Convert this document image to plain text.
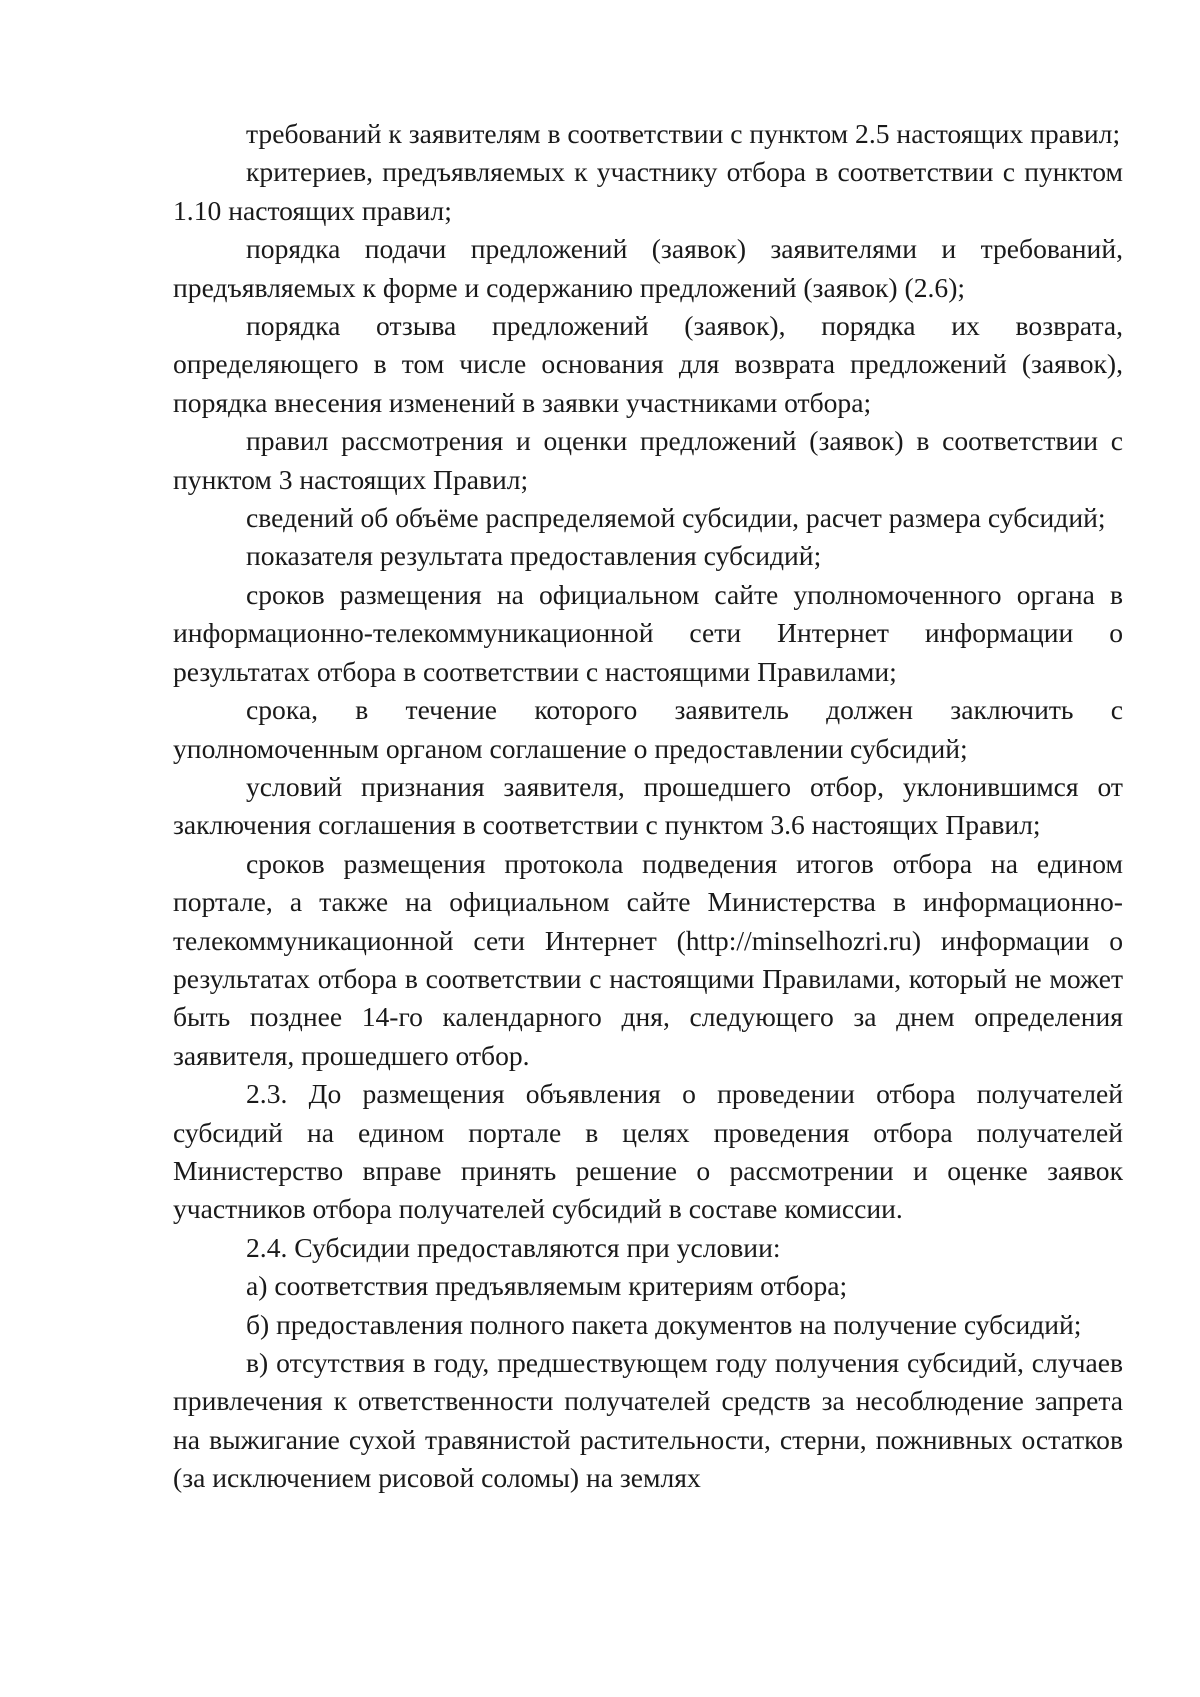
требований к заявителям в соответствии с пунктом 2.5 настоящих правил;

критериев, предъявляемых к участнику отбора в соответствии с пунктом 1.10 настоящих правил;

порядка подачи предложений (заявок) заявителями и требований, предъявляемых к форме и содержанию предложений (заявок) (2.6);

порядка отзыва предложений (заявок), порядка их возврата, определяющего в том числе основания для возврата предложений (заявок), порядка внесения изменений в заявки участниками отбора;

правил рассмотрения и оценки предложений (заявок) в соответствии с пунктом 3 настоящих Правил;

сведений об объёме распределяемой субсидии, расчет размера субсидий;

показателя результата предоставления субсидий;

сроков размещения на официальном сайте уполномоченного органа в информационно-телекоммуникационной сети Интернет информации о результатах отбора в соответствии с настоящими Правилами;

срока, в течение которого заявитель должен заключить с уполномоченным органом соглашение о предоставлении субсидий;

условий признания заявителя, прошедшего отбор, уклонившимся от заключения соглашения в соответствии с пунктом 3.6 настоящих Правил;

сроков размещения протокола подведения итогов отбора на едином портале, а также на официальном сайте Министерства в информационно-телекоммуникационной сети Интернет (http://minselhozri.ru) информации о результатах отбора в соответствии с настоящими Правилами, который не может быть позднее 14-го календарного дня, следующего за днем определения заявителя, прошедшего отбор.

2.3. До размещения объявления о проведении отбора получателей субсидий на едином портале в целях проведения отбора получателей Министерство вправе принять решение о рассмотрении и оценке заявок участников отбора получателей субсидий в составе комиссии.

2.4. Субсидии предоставляются при условии:

а) соответствия предъявляемым критериям отбора;

б) предоставления полного пакета документов на получение субсидий;

в) отсутствия в году, предшествующем году получения субсидий, случаев привлечения к ответственности получателей средств за несоблюдение запрета на выжигание сухой травянистой растительности, стерни, пожнивных остатков (за исключением рисовой соломы) на землях
